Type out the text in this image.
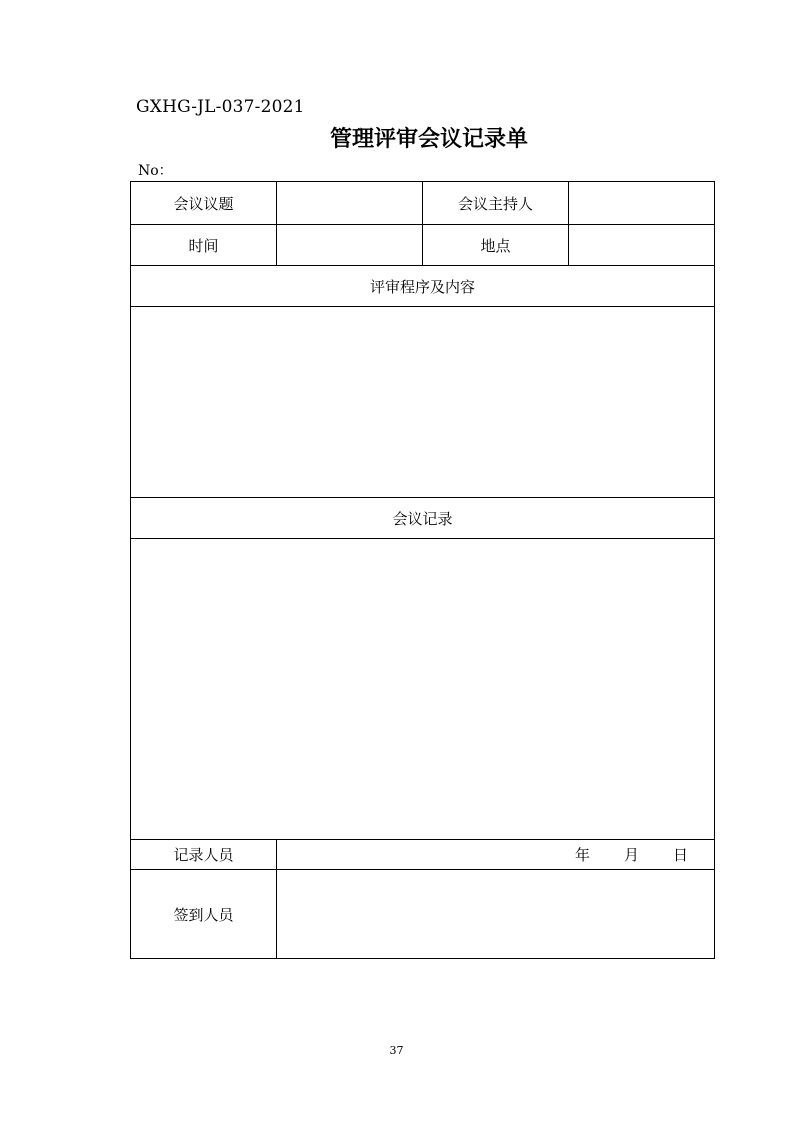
GXHG-JL-037-2021
管理评审会议记录单
No：
会议议题		会议主持人	
时间		地点	
评审程序及内容			

会议记录			

记录人员	年 月 日		

签到人员			
37
